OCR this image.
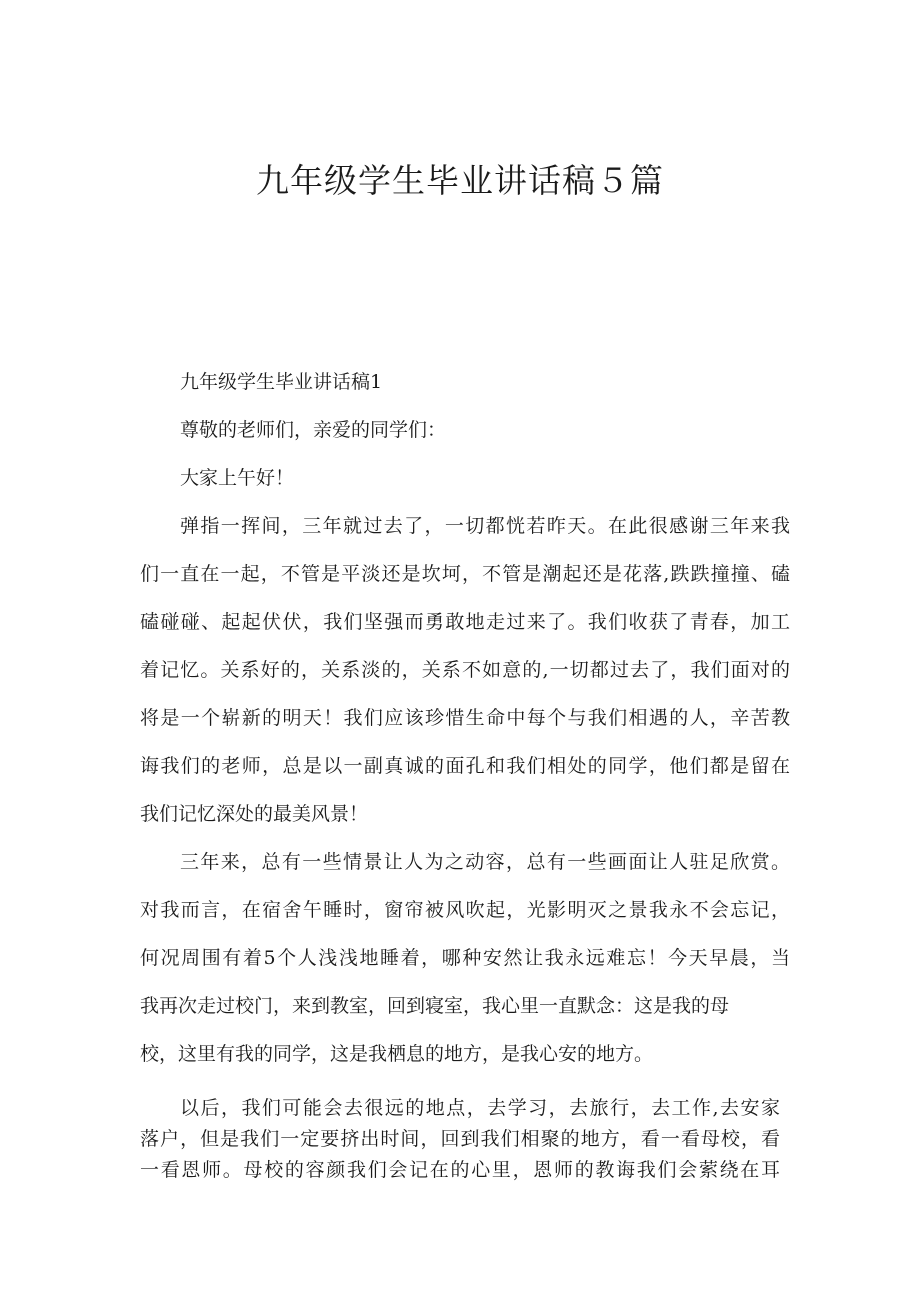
九年级学生毕业讲话稿５篇
九年级学生毕业讲话稿1
尊敬的老师们，亲爱的同学们：
大家上午好！
弹指一挥间，三年就过去了，一切都恍若昨天。在此很感谢三年来我
们一直在一起，不管是平淡还是坎坷，不管是潮起还是花落,跌跌撞撞、磕
磕碰碰、起起伏伏，我们坚强而勇敢地走过来了。我们收获了青春，加工
着记忆。关系好的，关系淡的，关系不如意的,一切都过去了，我们面对的
将是一个崭新的明天！我们应该珍惜生命中每个与我们相遇的人，辛苦教
诲我们的老师，总是以一副真诚的面孔和我们相处的同学，他们都是留在
我们记忆深处的最美风景！
三年来，总有一些情景让人为之动容，总有一些画面让人驻足欣赏。
对我而言，在宿舍午睡时，窗帘被风吹起，光影明灭之景我永不会忘记，
何况周围有着5个人浅浅地睡着，哪种安然让我永远难忘！今天早晨，当
我再次走过校门，来到教室，回到寝室，我心里一直默念：这是我的母
校，这里有我的同学，这是我栖息的地方，是我心安的地方。
以后，我们可能会去很远的地点，去学习，去旅行，去工作,去安家
落户，但是我们一定要挤出时间，回到我们相聚的地方，看一看母校，看
一看恩师。母校的容颜我们会记在的心里，恩师的教诲我们会萦绕在耳
